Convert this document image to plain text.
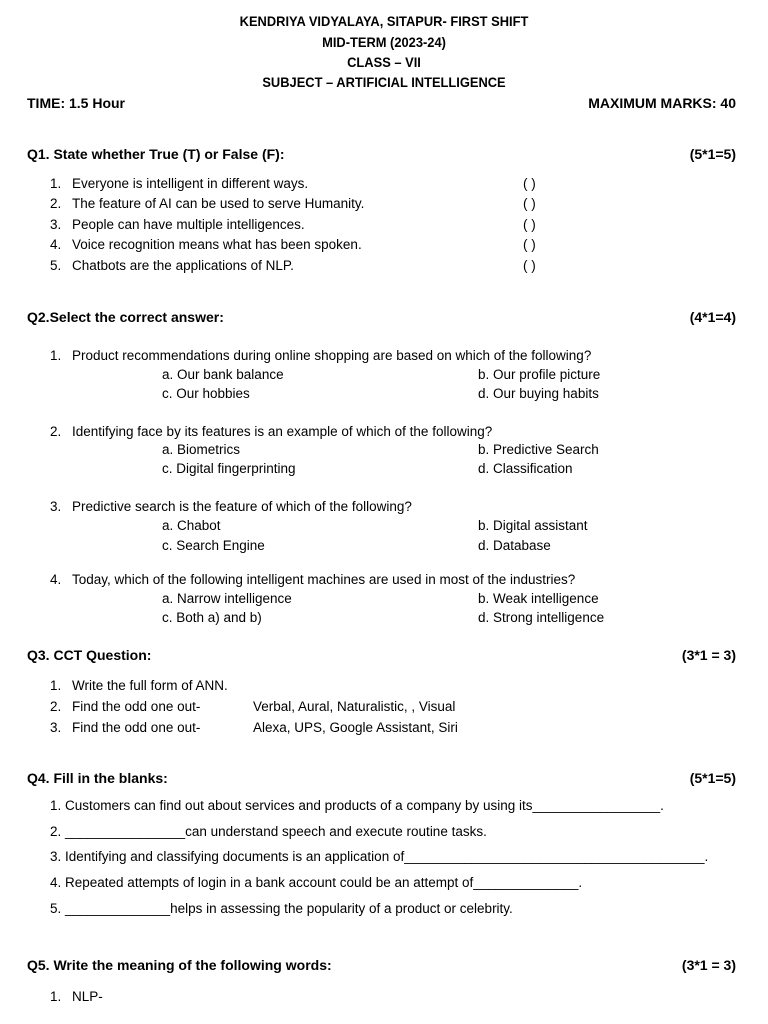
KENDRIYA VIDYALAYA, SITAPUR- FIRST SHIFT
MID-TERM (2023-24)
CLASS – VII
SUBJECT – ARTIFICIAL INTELLIGENCE
TIME: 1.5 Hour	MAXIMUM MARKS: 40
Q1. State whether True (T) or False (F):	(5*1=5)
1. Everyone is intelligent in different ways.	( )
2. The feature of AI can be used to serve Humanity.	( )
3. People can have multiple intelligences.	( )
4. Voice recognition means what has been spoken.	( )
5. Chatbots are the applications of NLP.	( )
Q2.Select the correct answer:	(4*1=4)
1. Product recommendations during online shopping are based on which of the following?
a. Our bank balance	b. Our profile picture
c. Our hobbies	d. Our buying habits
2. Identifying face by its features is an example of which of the following?
a. Biometrics	b. Predictive Search
c. Digital fingerprinting	d. Classification
3. Predictive search is the feature of which of the following?
a. Chabot	b. Digital assistant
c. Search Engine	d. Database
4. Today, which of the following intelligent machines are used in most of the industries?
a. Narrow intelligence	b. Weak intelligence
c. Both a) and b)	d. Strong intelligence
Q3. CCT Question:	(3*1 = 3)
1. Write the full form of ANN.
2. Find the odd one out-	Verbal, Aural, Naturalistic, , Visual
3. Find the odd one out-	Alexa, UPS, Google Assistant, Siri
Q4. Fill in the blanks:	(5*1=5)
1. Customers can find out about services and products of a company by using its_________________.
2. ________________can understand speech and execute routine tasks.
3. Identifying and classifying documents is an application of________________________________________.
4. Repeated attempts of login in a bank account could be an attempt of______________.
5. ______________helps in assessing the popularity of a product or celebrity.
Q5. Write the meaning of the following words:	(3*1 = 3)
1. NLP-
